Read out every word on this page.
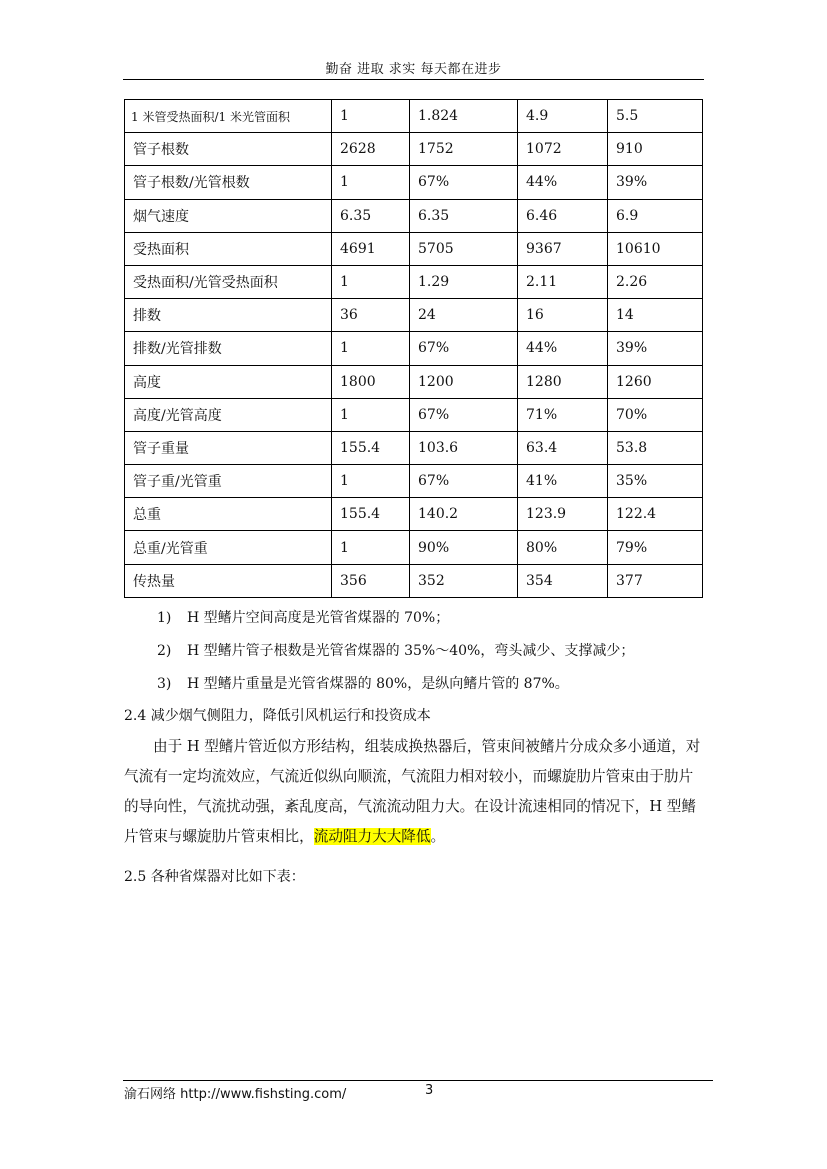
勤奋 进取 求实 每天都在进步
1 米管受热面积/1 米光管面积	1	1.824	4.9	5.5
管子根数	2628	1752	1072	910
管子根数/光管根数	1	67%	44%	39%
烟气速度	6.35	6.35	6.46	6.9
受热面积	4691	5705	9367	10610
受热面积/光管受热面积	1	1.29	2.11	2.26
排数	36	24	16	14
排数/光管排数	1	67%	44%	39%
高度	1800	1200	1280	1260
高度/光管高度	1	67%	71%	70%
管子重量	155.4	103.6	63.4	53.8
管子重/光管重	1	67%	41%	35%
总重	155.4	140.2	123.9	122.4
总重/光管重	1	90%	80%	79%
传热量	356	352	354	377
1) H 型鳍片空间高度是光管省煤器的 70%；
2) H 型鳍片管子根数是光管省煤器的 35%～40%，弯头减少、支撑减少；
3) H 型鳍片重量是光管省煤器的 80%，是纵向鳍片管的 87%。
2.4 减少烟气侧阻力，降低引风机运行和投资成本
由于 H 型鳍片管近似方形结构，组装成换热器后，管束间被鳍片分成众多小通道，对气流有一定均流效应，气流近似纵向顺流，气流阻力相对较小，而螺旋肋片管束由于肋片的导向性，气流扰动强，紊乱度高，气流流动阻力大。在设计流速相同的情况下，H 型鳍片管束与螺旋肋片管束相比，流动阻力大大降低。
2.5 各种省煤器对比如下表：
渝石网络 http://www.fishsting.com/	3
